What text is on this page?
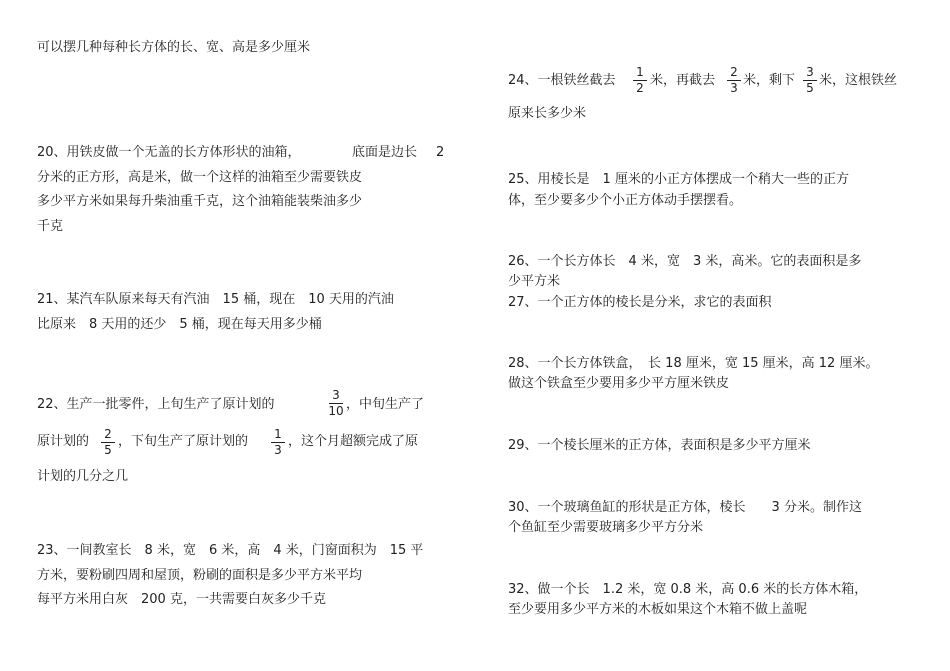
可以摆几种每种长方体的长、宽、高是多少厘米
20、用铁皮做一个无盖的长方体形状的油箱，	底面是边长 2
分米的正方形，高是米，做一个这样的油箱至少需要铁皮
多少平方米如果每升柴油重千克，这个油箱能装柴油多少
千克
21、某汽车队原来每天有汽油　15 桶，现在　10 天用的汽油
比原来　8 天用的还少　5 桶，现在每天用多少桶
22、生产一批零件，上旬生产了原计划的
3
10 ，中旬生产了
原计划的	2
5
，下旬生产了原计划的	1
3
，这个月超额完成了原
计划的几分之几
23、一间教室长　8 米，宽　6 米，高　4 米，门窗面积为　15 平
方米，要粉刷四周和屋顶，粉刷的面积是多少平方米平均
每平方米用白灰　200 克，一共需要白灰多少千克
24、一根铁丝截去
1
2 米，再截去
2
3 米，剩下
3
5 米，这根铁丝
原来长多少米
25、用棱长是　1 厘米的小正方体摆成一个稍大一些的正方
体，至少要多少个小正方体动手摆摆看。
26、一个长方体长　4 米，宽　3 米，高米。它的表面积是多
少平方米
27、一个正方体的棱长是分米，求它的表面积
28、一个长方体铁盒，　长 18 厘米，宽 15 厘米，高 12 厘米。
做这个铁盒至少要用多少平方厘米铁皮
29、一个棱长厘米的正方体，表面积是多少平方厘米
30、一个玻璃鱼缸的形状是正方体，棱长　　3 分米。制作这
个鱼缸至少需要玻璃多少平方分米
32、做一个长　1.2 米，宽 0.8 米，高 0.6 米的长方体木箱，
至少要用多少平方米的木板如果这个木箱不做上盖呢
